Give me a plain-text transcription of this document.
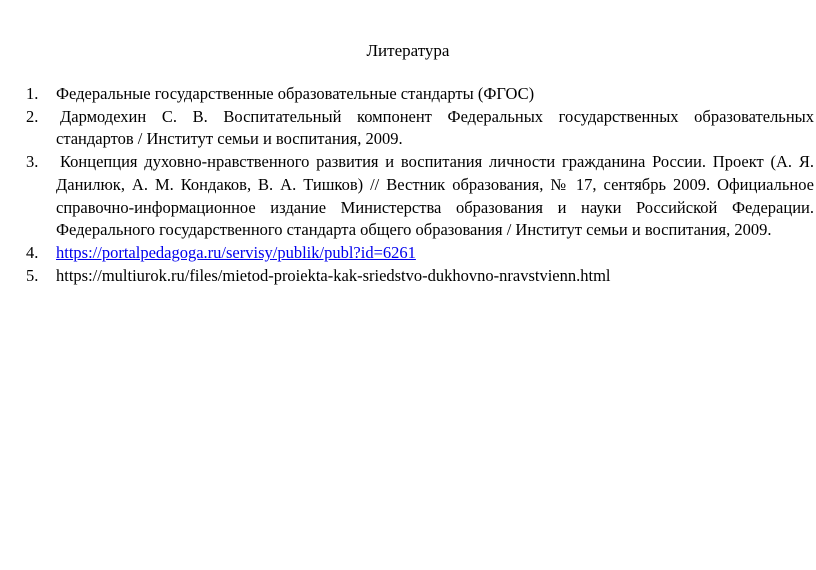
Литература
1. Федеральные государственные образовательные стандарты (ФГОС)
2. Дармодехин С. В. Воспитательный компонент Федеральных государственных образовательных стандартов / Институт семьи и воспитания, 2009.
3. Концепция духовно-нравственного развития и воспитания личности гражданина России. Проект (А. Я. Данилюк, А. М. Кондаков, В. А. Тишков) // Вестник образования, № 17, сентябрь 2009. Официальное справочно-информационное издание Министерства образования и науки Российской Федерации. Федерального государственного стандарта общего образования / Институт семьи и воспитания, 2009.
4. https://portalpedagoga.ru/servisy/publik/publ?id=6261
5. https://multiurok.ru/files/mietod-proiekta-kak-sriedstvo-dukhovno-nravstvienn.html
